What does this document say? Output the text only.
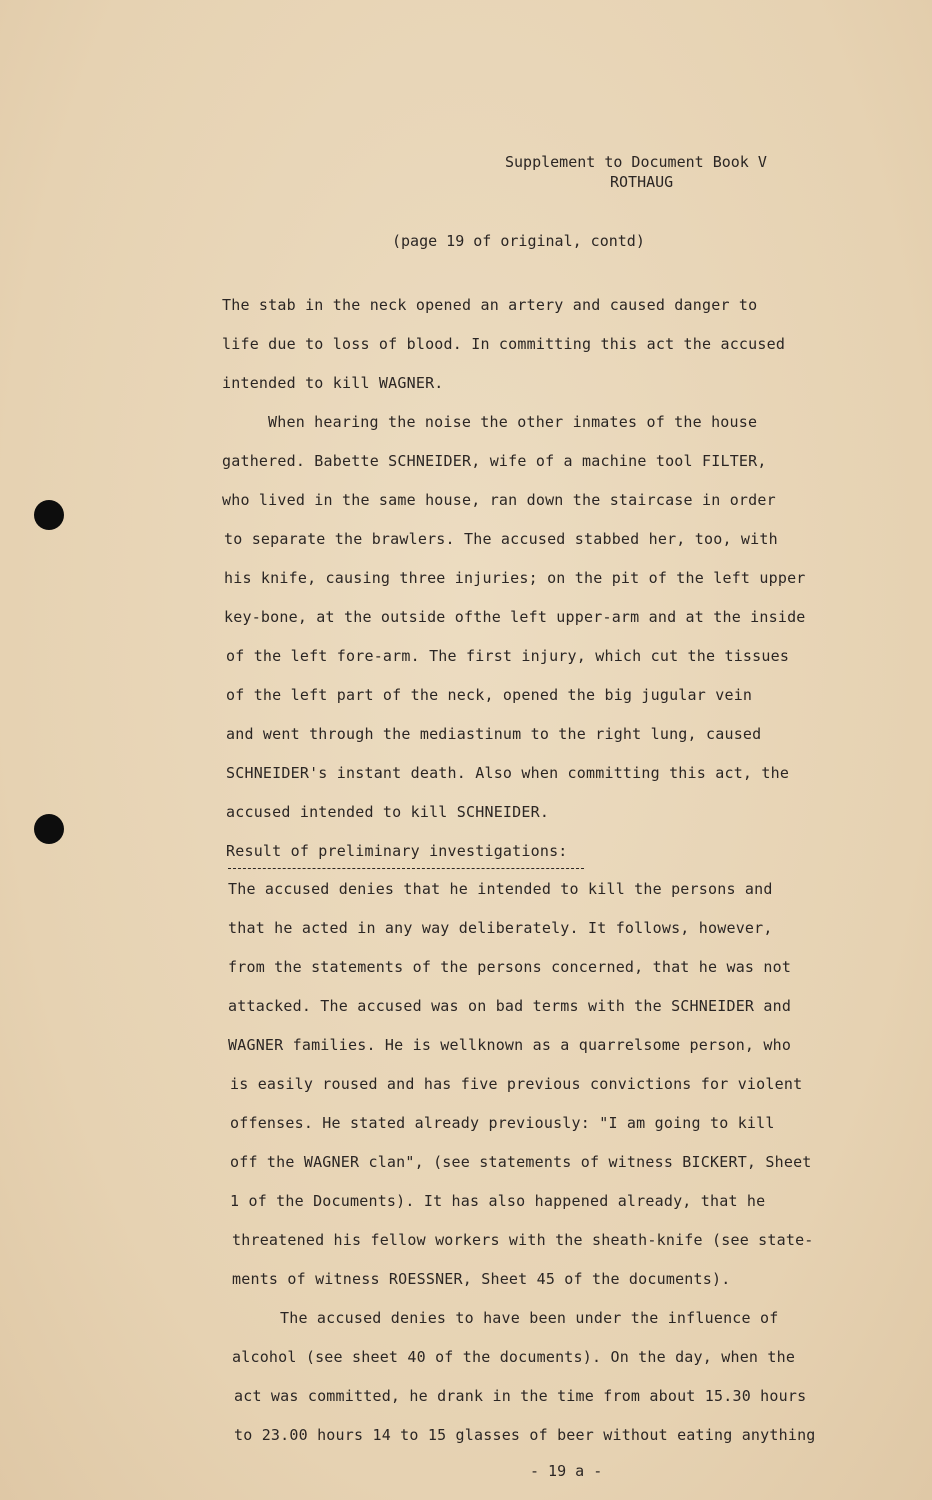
Supplement to Document Book V
ROTHAUG
(page 19 of original, contd)
The stab in the neck opened an artery and caused danger to
life due to loss of blood. In committing this act the accused
intended to kill WAGNER.
When hearing the noise the other inmates of the house
gathered. Babette SCHNEIDER, wife of a machine tool FILTER,
who lived in the same house, ran down the staircase in order
to separate the brawlers. The accused stabbed her, too, with
his knife, causing three injuries; on the pit of the left upper
key-bone, at the outside ofthe left upper-arm and at the inside
of the left fore-arm. The first injury, which cut the tissues
of the left part of the neck, opened the big jugular vein
and went through the mediastinum to the right lung, caused
SCHNEIDER's instant death. Also when committing this act, the
accused intended to kill SCHNEIDER.
Result of preliminary investigations:
The accused denies that he intended to kill the persons and
that he acted in any way deliberately. It follows, however,
from the statements of the persons concerned, that he was not
attacked. The accused was on bad terms with the SCHNEIDER and
WAGNER families. He is wellknown as a quarrelsome person, who
is easily roused and has five previous convictions for violent
offenses. He stated already previously: "I am going to kill
off the WAGNER clan", (see statements of witness BICKERT, Sheet
1 of the Documents). It has also happened already, that he
threatened his fellow workers with the sheath-knife (see state-
ments of witness ROESSNER, Sheet 45 of the documents).
The accused denies to have been under the influence of
alcohol (see sheet 40 of the documents). On the day, when the
act was committed, he drank in the time from about 15.30 hours
to 23.00 hours 14 to 15 glasses of beer without eating anything
- 19 a -
